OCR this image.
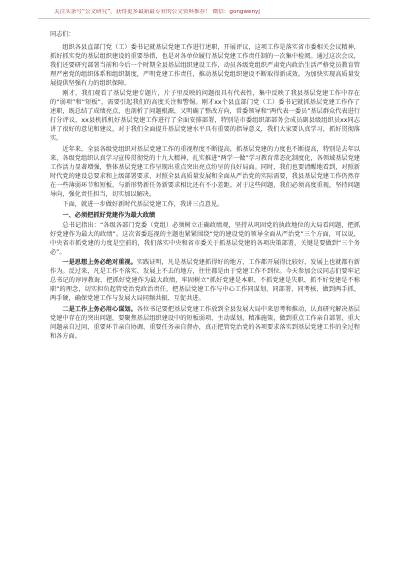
关注头条号“公文研究”，获得更多最新最专业的公文资料推荐！ 微信：gongwenyj

同志们：

组织各县直部门党（工）委书记就基层党建工作进行述职，开展评议，这项工作是落实省市委相关会议精神，抓好抓实党的基层组织建设的重要举措，也是对各单位履行基层党建工作责任制的一次集中检阅。通过这次会议，我们还要研究部署当前和今后一个时期全县基层组织建设工作，动员各级党组织严肃党内政治生活严格党员教育管理严密党的组织体系和组织制度，严明党建工作责任，推动基层党组织建设不断取得新成效，为加快实现高质量发展提供坚强有力的组织保障。

刚才，我们观看了基层党建专题片，片子里反映的问题很具有代表性，集中反映了我县基层党建工作中存在的“弱项”和“短板”，需要引起我们的高度关注和警惕。刚才xx个县直部门党（工）委书记就抓基层党建工作作了述职，既总结了成绩亮点，也剖析了问题根源，又明确了整改方向，常委领导和“两代表一委员”基层群众代表进行打分评议，xx县机抓机好基层党建工作进行了全面安排部署，特别是市委组织部部务会成员副县级组织员xx同志讲了很好的意见和建议，对于我们全面提升基层党建水平具有重要的指导意义，我们大家要认真学习，抓好贯彻落实。

近年来，全县各级党组织对基层党建工作的重视程度不断提高，抓基层党建的力度也不断提高，特别是去年以来，各级党组织认真学习宣传贯彻党的十九大精神，扎实推进“两学一做”学习教育常态化制度化，各领域基层党建工作活力显著增强，整体基层党建工作呈现出重点突出亮点纷呈的良好局面。同时，我们也要清醒地看到，对照新时代党的建设总要求和上级部署要求，对照全县高质量发展和全面从严治党的实际需要，我县基层党建工作仍然存在一些薄弱环节和短板，与新形势新任务新要求相比还有不小差距。对于这些问题，我们必须高度重视，坚持问题导向，强化责任担当，切实加以解决。

下面，就进一步做好新时代基层党建工作，我讲三点意见。

一、必须把抓好党建作为最大政绩

总书记指出：“各级各部门党委（党组）必须树立正确政绩观，坚持从巩固党的执政地位的大局看问题，把抓好党建作为最大的政绩”。这次省委巡视的主题也紧紧围绕“党的建设党的领导全面从严治党”三个方面，可以说，中央省市抓党建的力度是空前的，我们落实中央和省市委关于抓基层党建的各项决策部署，关键是要做到“三个务必”。

一是思想上务必绝对重视。实践证明，凡是基层党建抓得好的地方，工作都开展得比较好，发展上也就都有新作为。反过来，凡是工作不落实、发展上不去的地方，往往都是由于党建工作不到位。今天参加会议同志们要牢记总书记的谆谆教诲，把抓好党建作为最大政绩，牢固树立“抓好党建是本职、不抓党建是失职、抓不好党建是不称职”的理念，切实担负起管党治党政治责任，把基层党建工作与中心工作同谋划、同部署、同考核，做到两手抓、两手硬，确保党建工作与发展大局同频共振、互促共进。

二是工作上务必用心谋划。各位书记要把基层党建工作放到全县发展大局中来思考和推动，认真研究解决基层党建中存在的突出问题，要聚焦基层组织建设中的短板弱项，主动谋划、精准施策，做到重点工作亲自部署、重大问题亲自过问、重要环节亲自协调、重要任务亲自督办，真正把管党治党的各项要求落实到基层党建工作的全过程和各方面。
